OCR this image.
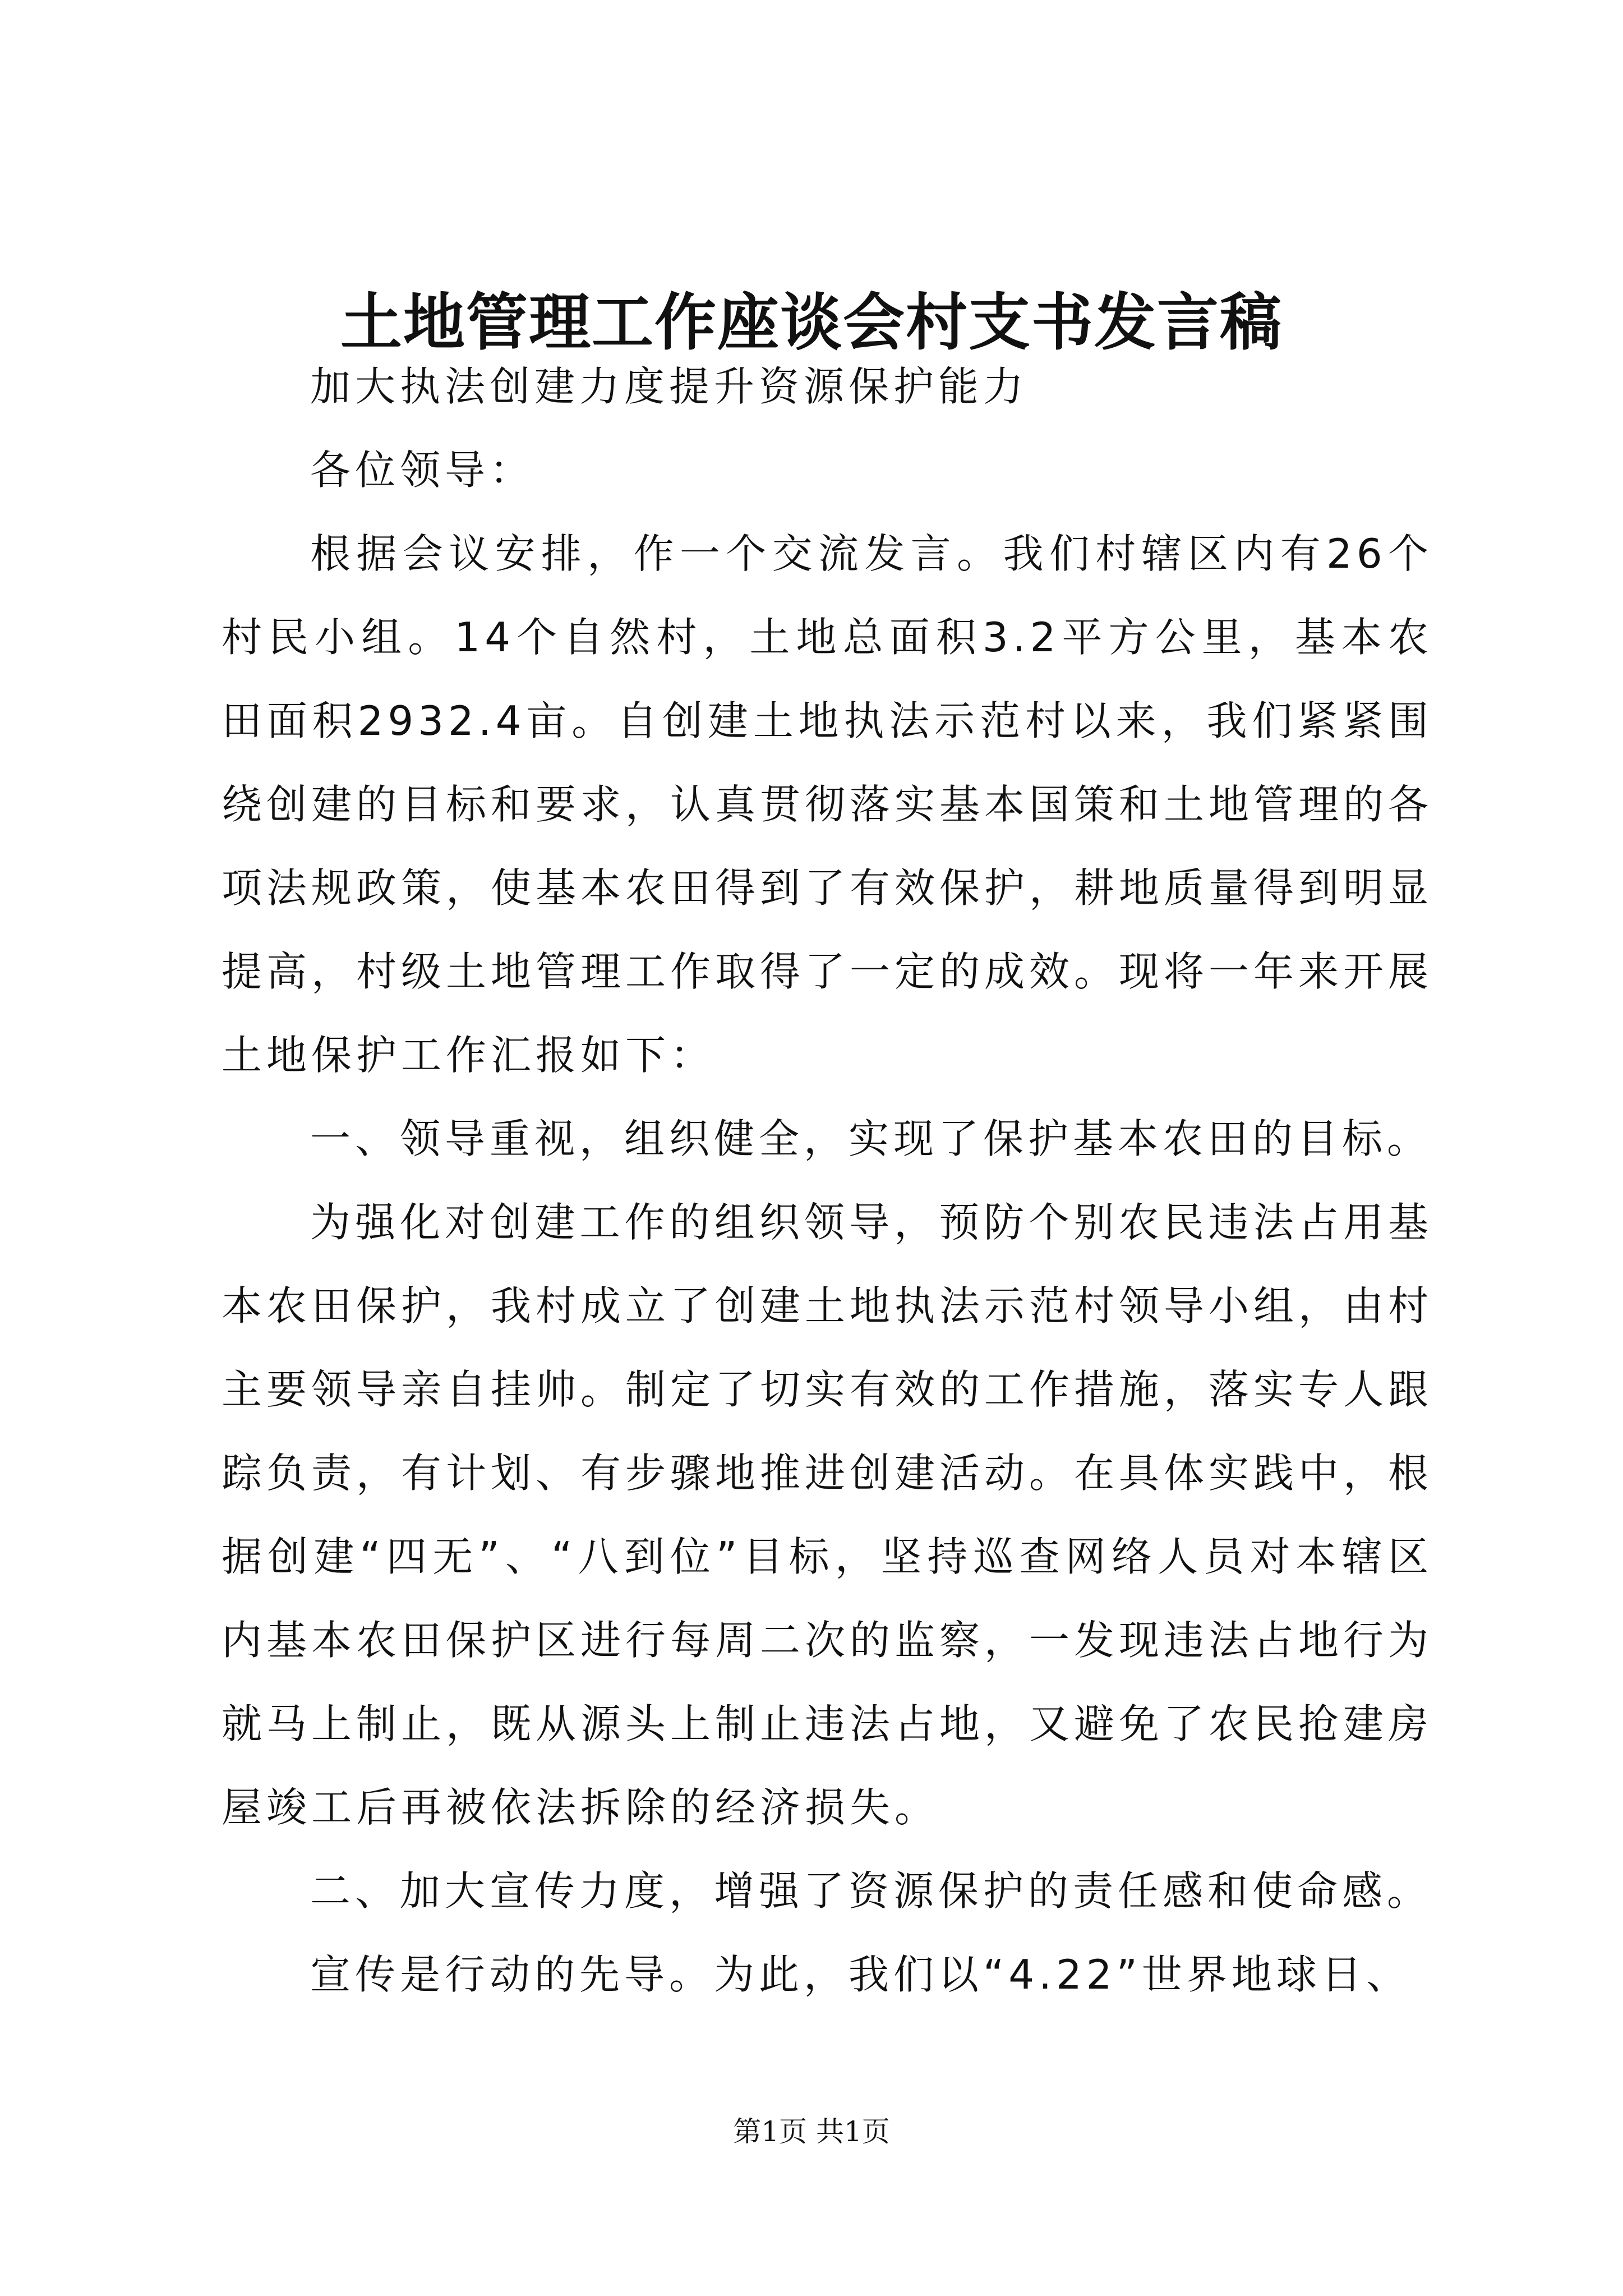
土地管理工作座谈会村支书发言稿

加大执法创建力度提升资源保护能力

各位领导：

根据会议安排，作一个交流发言。我们村辖区内有26个村民小组。14个自然村，土地总面积3.2平方公里，基本农田面积2932.4亩。自创建土地执法示范村以来，我们紧紧围绕创建的目标和要求，认真贯彻落实基本国策和土地管理的各项法规政策，使基本农田得到了有效保护，耕地质量得到明显提高，村级土地管理工作取得了一定的成效。现将一年来开展土地保护工作汇报如下：

一、领导重视，组织健全，实现了保护基本农田的目标。

为强化对创建工作的组织领导，预防个别农民违法占用基本农田保护，我村成立了创建土地执法示范村领导小组，由村主要领导亲自挂帅。制定了切实有效的工作措施，落实专人跟踪负责，有计划、有步骤地推进创建活动。在具体实践中，根据创建“四无”、“八到位”目标，坚持巡查网络人员对本辖区内基本农田保护区进行每周二次的监察，一发现违法占地行为就马上制止，既从源头上制止违法占地，又避免了农民抢建房屋竣工后再被依法拆除的经济损失。

二、加大宣传力度，增强了资源保护的责任感和使命感。

宣传是行动的先导。为此，我们以“4.22”世界地球日、

第1页 共1页
